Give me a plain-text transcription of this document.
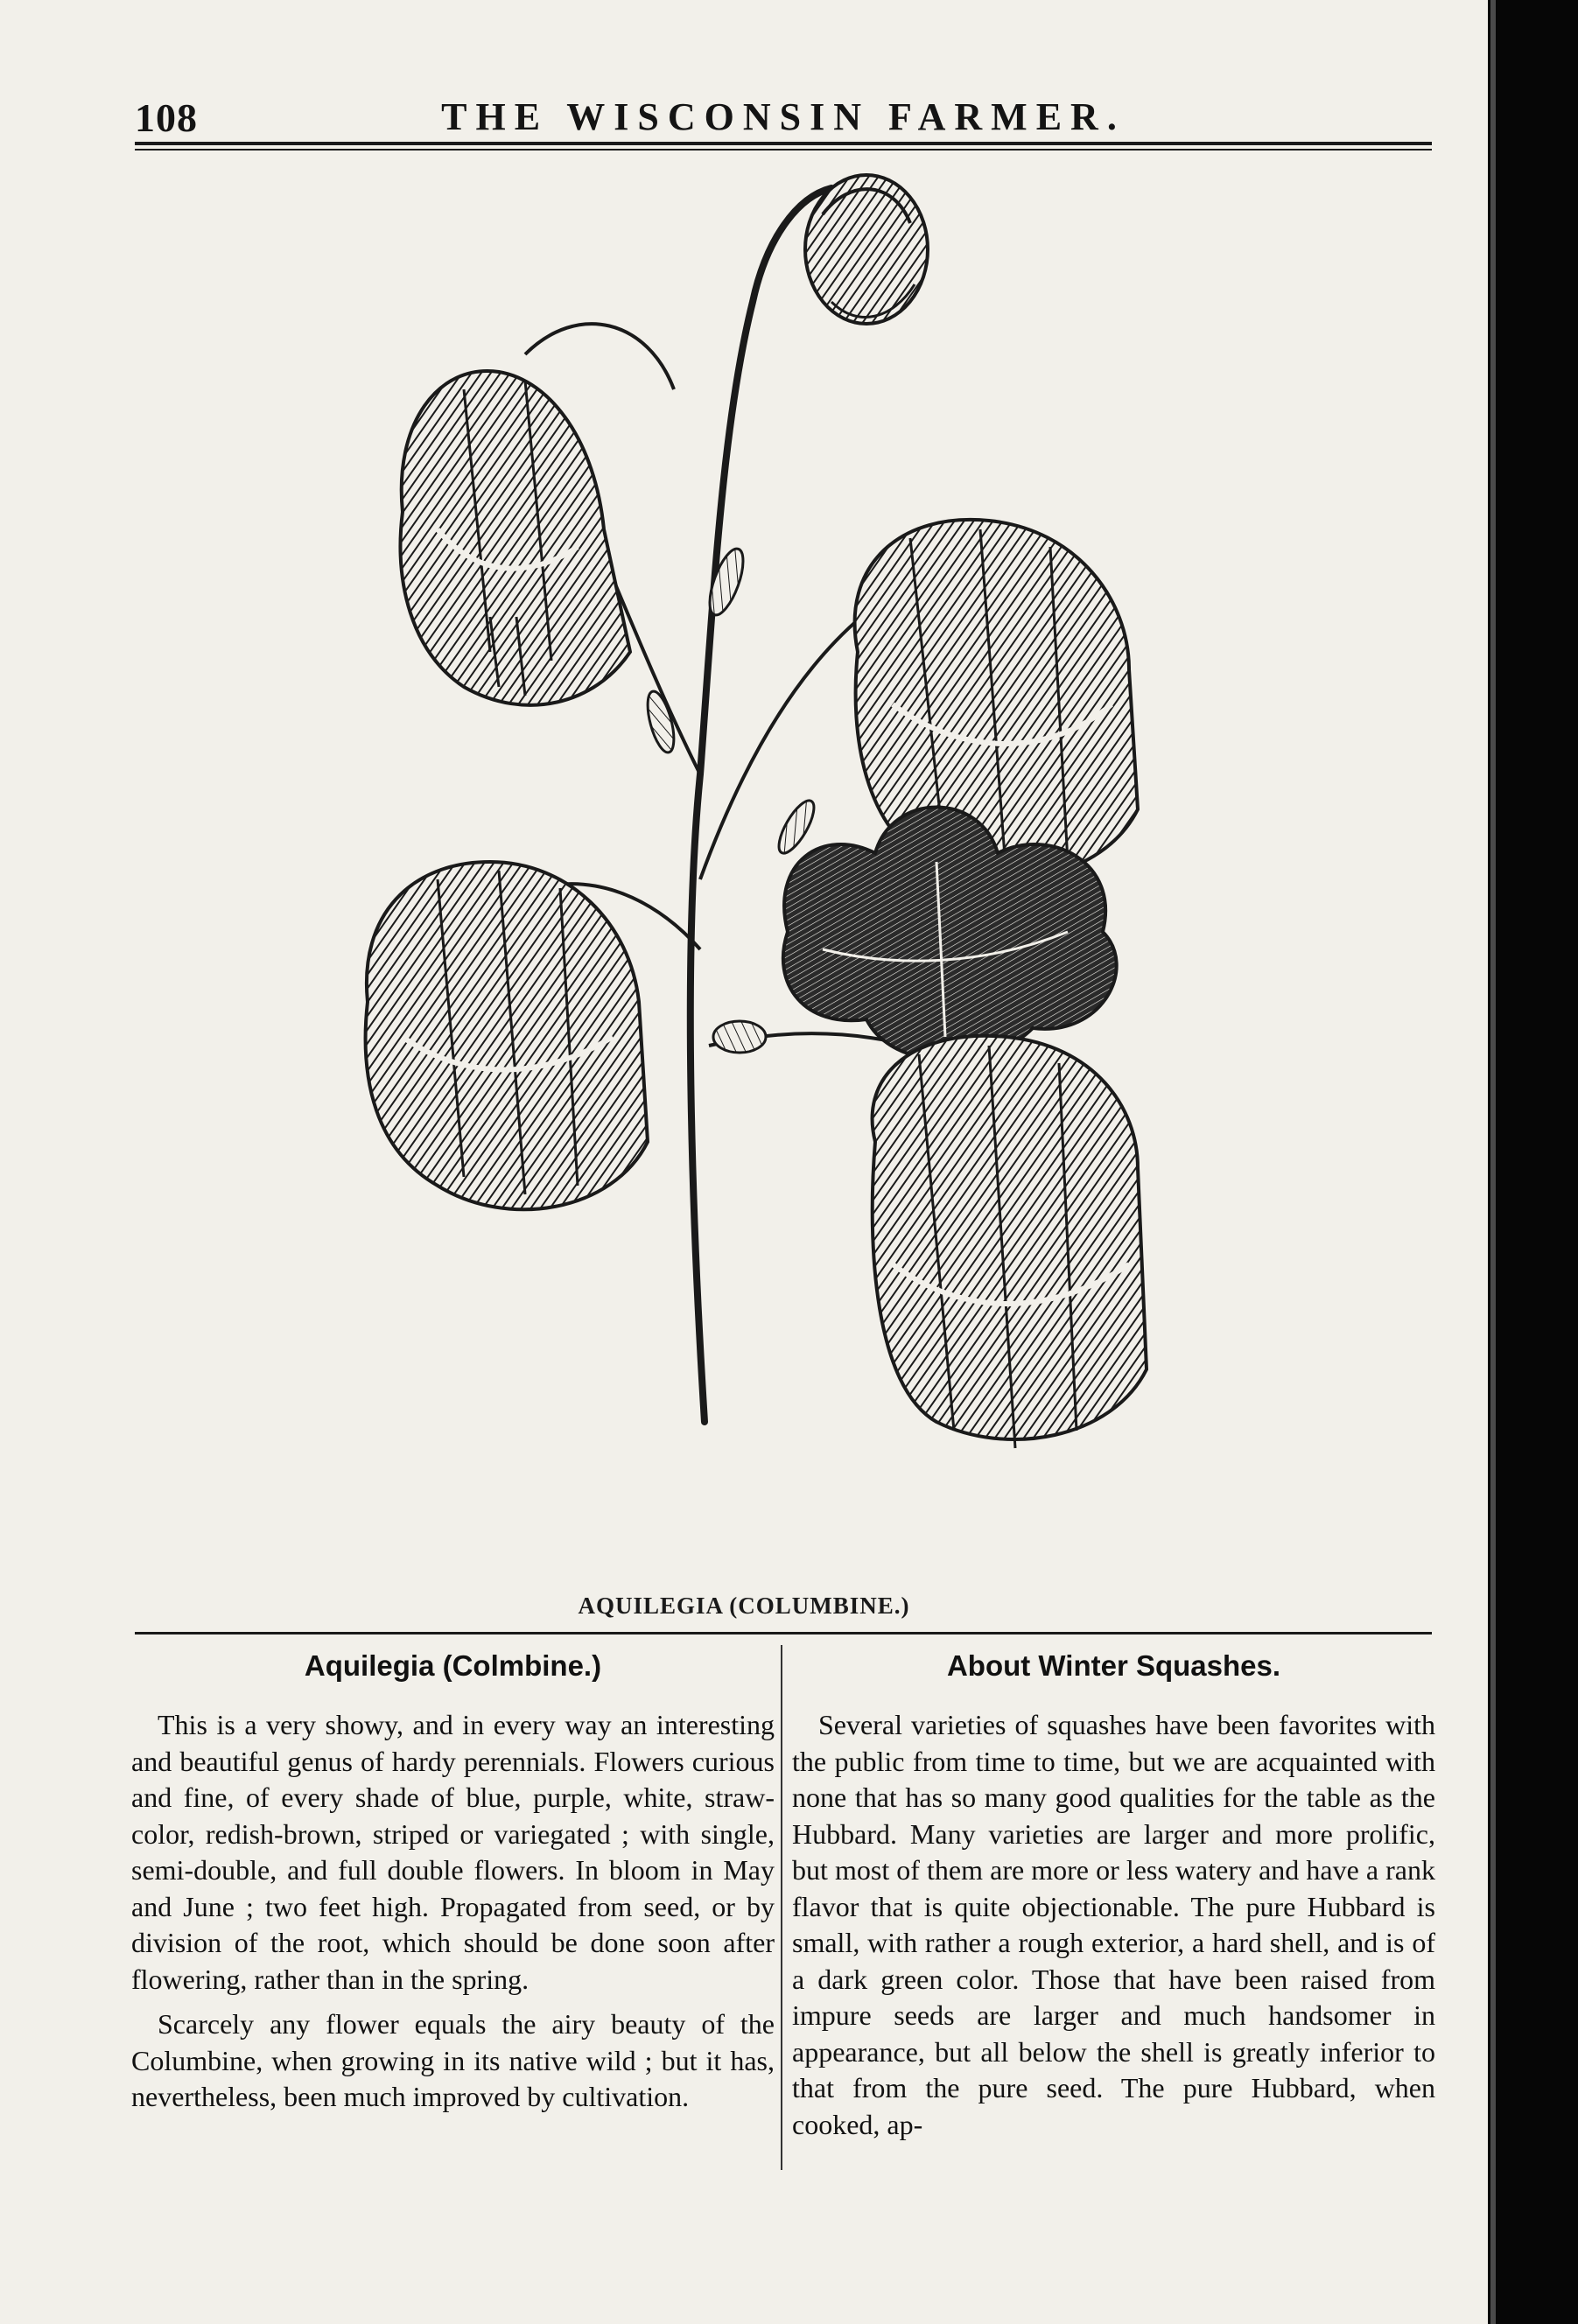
108	THE WISCONSIN FARMER.
AQUILEGIA (COLUMBINE.)
Aquilegia (Colmbine.)

This is a very showy, and in every way an interesting and beautiful genus of hardy perennials. Flowers curious and fine, of every shade of blue, purple, white, straw-color, redish-brown, striped or variegated ; with single, semi-double, and full double flowers. In bloom in May and June ; two feet high. Propagated from seed, or by division of the root, which should be done soon after flowering, rather than in the spring.

Scarcely any flower equals the airy beauty of the Columbine, when growing in its native wild ; but it has, nevertheless, been much improved by cultivation.

About Winter Squashes.

Several varieties of squashes have been favorites with the public from time to time, but we are acquainted with none that has so many good qualities for the table as the Hubbard. Many varieties are larger and more prolific, but most of them are more or less watery and have a rank flavor that is quite objectionable. The pure Hubbard is small, with rather a rough exterior, a hard shell, and is of a dark green color. Those that have been raised from impure seeds are larger and much handsomer in appearance, but all below the shell is greatly inferior to that from the pure seed. The pure Hubbard, when cooked, ap-
